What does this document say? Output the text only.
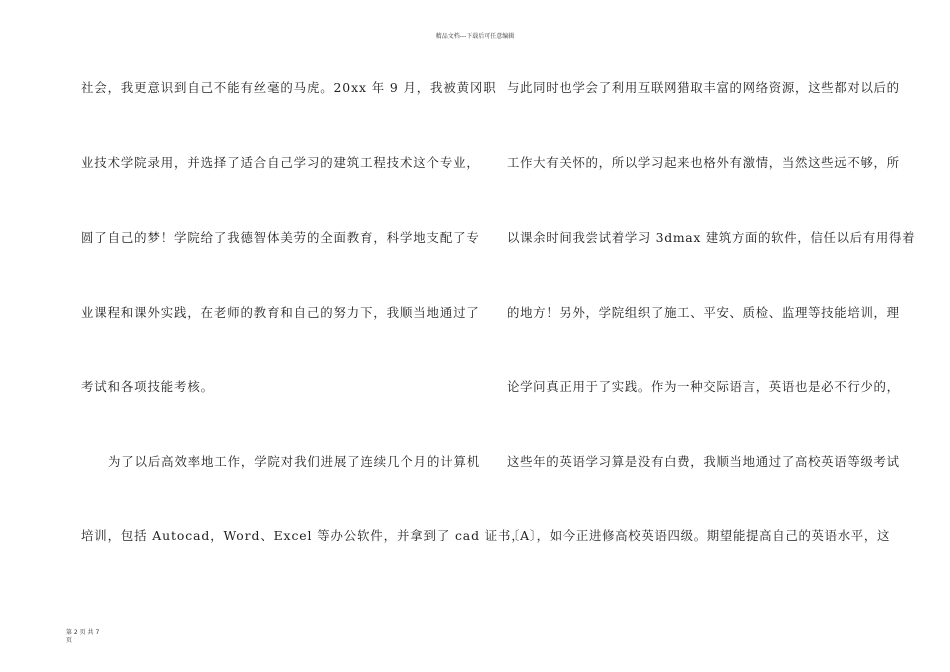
精品文档---下载后可任意编辑
社会，我更意识到自己不能有丝毫的马虎。20xx 年 9 月，我被黄冈职
业技术学院录用，并选择了适合自己学习的建筑工程技术这个专业，
圆了自己的梦！学院给了我德智体美劳的全面教育，科学地支配了专
业课程和课外实践，在老师的教育和自己的努力下，我顺当地通过了
考试和各项技能考核。
为了以后高效率地工作，学院对我们进展了连续几个月的计算机
培训，包括 Autocad，Word、Excel 等办公软件，并拿到了 cad 证书，
与此同时也学会了利用互联网猎取丰富的网络资源，这些都对以后的
工作大有关怀的，所以学习起来也格外有激情，当然这些远不够，所
以课余时间我尝试着学习 3dmax 建筑方面的软件，信任以后有用得着
的地方！另外，学院组织了施工、平安、质检、监理等技能培训，理
论学问真正用于了实践。作为一种交际语言，英语也是必不行少的，
这些年的英语学习算是没有白费，我顺当地通过了高校英语等级考试
〔A〕，如今正进修高校英语四级。期望能提高自己的英语水平，这
第 2 页 共 7
页
